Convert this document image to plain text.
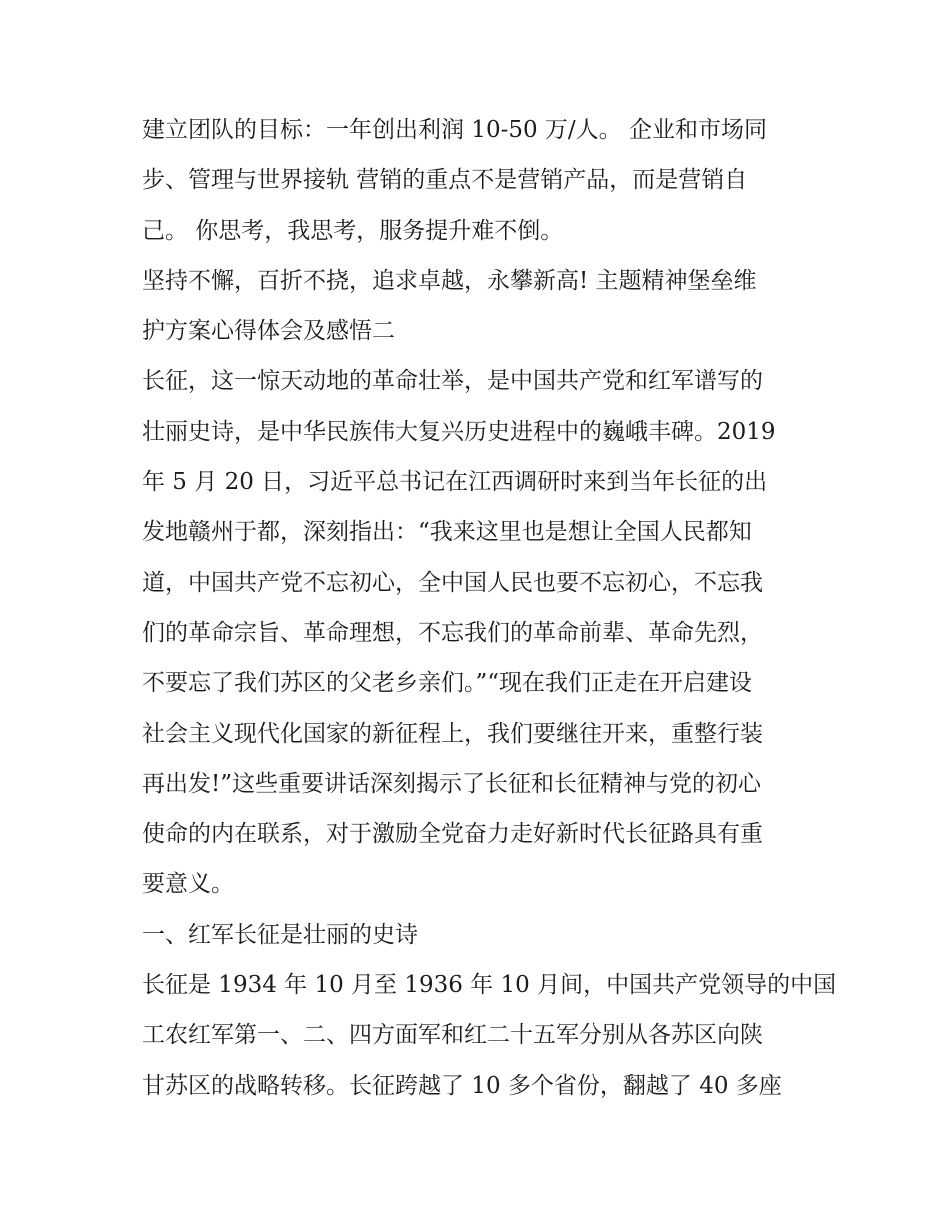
建立团队的目标：一年创出利润 10-50 万/人。 企业和市场同

步、管理与世界接轨 营销的重点不是营销产品，而是营销自

己。 你思考，我思考，服务提升难不倒。

坚持不懈，百折不挠，追求卓越，永攀新高! 主题精神堡垒维

护方案心得体会及感悟二

长征，这一惊天动地的革命壮举，是中国共产党和红军谱写的

壮丽史诗，是中华民族伟大复兴历史进程中的巍峨丰碑。2019

年 5 月 20 日，习近平总书记在江西调研时来到当年长征的出

发地赣州于都，深刻指出：“我来这里也是想让全国人民都知

道，中国共产党不忘初心，全中国人民也要不忘初心，不忘我

们的革命宗旨、革命理想，不忘我们的革命前辈、革命先烈，

不要忘了我们苏区的父老乡亲们。”“现在我们正走在开启建设

社会主义现代化国家的新征程上，我们要继往开来，重整行装

再出发!”这些重要讲话深刻揭示了长征和长征精神与党的初心

使命的内在联系，对于激励全党奋力走好新时代长征路具有重

要意义。

一、红军长征是壮丽的史诗

长征是 1934 年 10 月至 1936 年 10 月间，中国共产党领导的中国

工农红军第一、二、四方面军和红二十五军分别从各苏区向陕

甘苏区的战略转移。长征跨越了 10 多个省份，翻越了 40 多座
